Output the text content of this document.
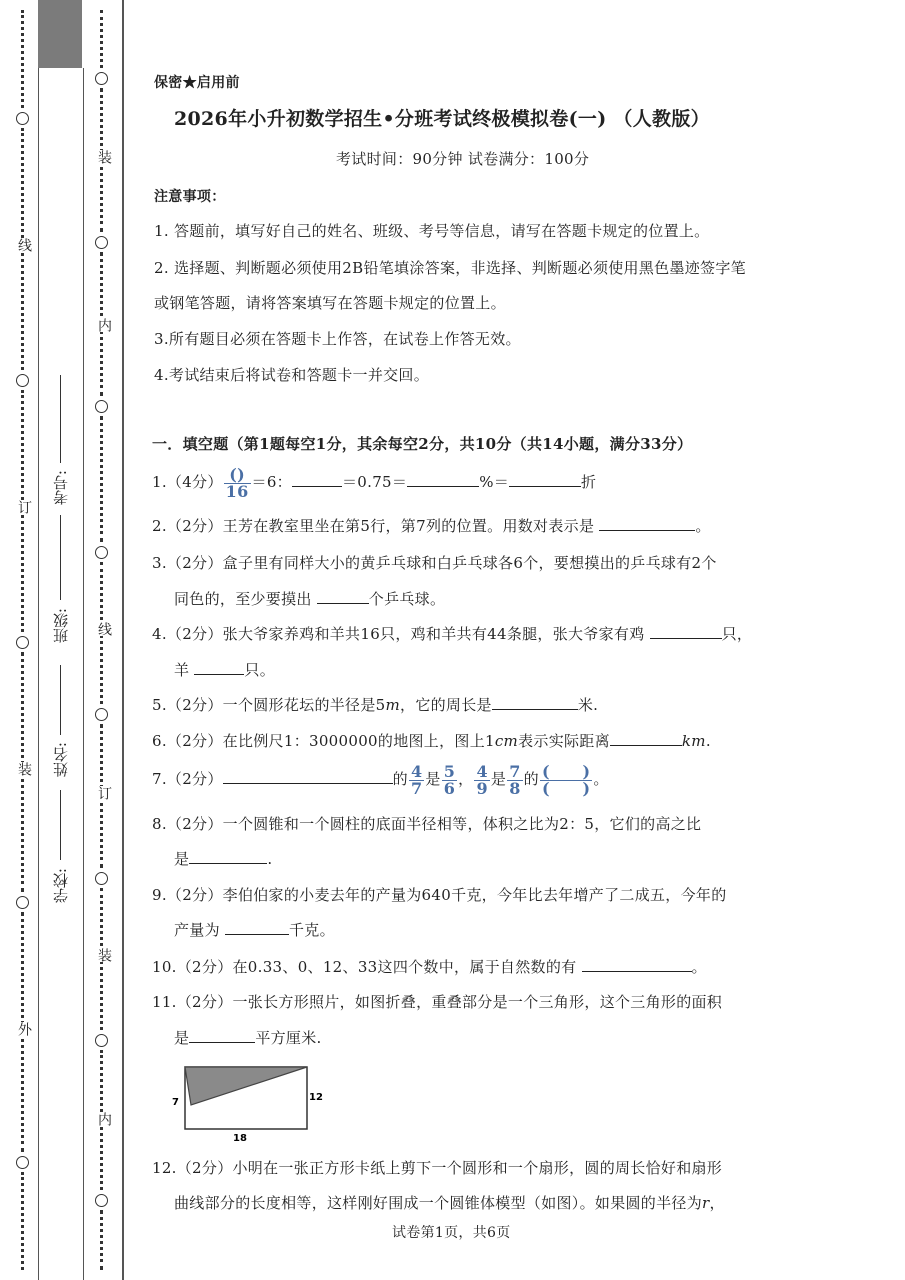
线
订
装
外
装
内
线
订
装
内
学校:
姓名:
班级:
考号:
保密★启用前
2026年小升初数学招生•分班考试终极模拟卷(一) （人教版）
考试时间：90分钟 试卷满分：100分
注意事项：
1. 答题前，填写好自己的姓名、班级、考号等信息，请写在答题卡规定的位置上。
2. 选择题、判断题必须使用2B铅笔填涂答案，非选择、判断题必须使用黑色墨迹签字笔
或钢笔答题，请将答案填写在答题卡规定的位置上。
3.所有题目必须在答题卡上作答，在试卷上作答无效。
4.考试结束后将试卷和答题卡一并交回。
一．填空题（第1题每空1分，其余每空2分，共10分（共14小题，满分33分）
1.（4分） $\frac{()}{16} =6$：	＝0.75＝	%＝	折
2.（2分）王芳在教室里坐在第5行，第7列的位置。用数对表示是	。
3.（2分）盒子里有同样大小的黄乒乓球和白乒乓球各6个，要想摸出的乒乓球有2个
同色的，至少要摸出	个乒乓球。
4.（2分）张大爷家养鸡和羊共16只，鸡和羊共有44条腿，张大爷家有鸡	只，
羊	只。
5.（2分）一个圆形花坛的半径是5m，它的周长是	米.
6.（2分）在比例尺1：3000000的地图上，图上1cm表示实际距离	km.
7.（2分）	的 $\frac{4}{7}$ 是 $\frac{5}{6}$ ， $\frac{4}{9}$ 是 $\frac{7}{8}$ 的 $\frac{( )}{( )}$ 。
8.（2分）一个圆锥和一个圆柱的底面半径相等，体积之比为2：5，它们的高之比
是	.
9.（2分）李伯伯家的小麦去年的产量为640千克，今年比去年增产了二成五，今年的
产量为	千克。
10.（2分）在0.33、0、12、33这四个数中，属于自然数的有	。
11.（2分）一张长方形照片，如图折叠，重叠部分是一个三角形，这个三角形的面积
是	平方厘米.
7	12
18
12.（2分）小明在一张正方形卡纸上剪下一个圆形和一个扇形，圆的周长恰好和扇形
曲线部分的长度相等，这样刚好围成一个圆锥体模型（如图）。如果圆的半径为r，
试卷第1页，共6页
